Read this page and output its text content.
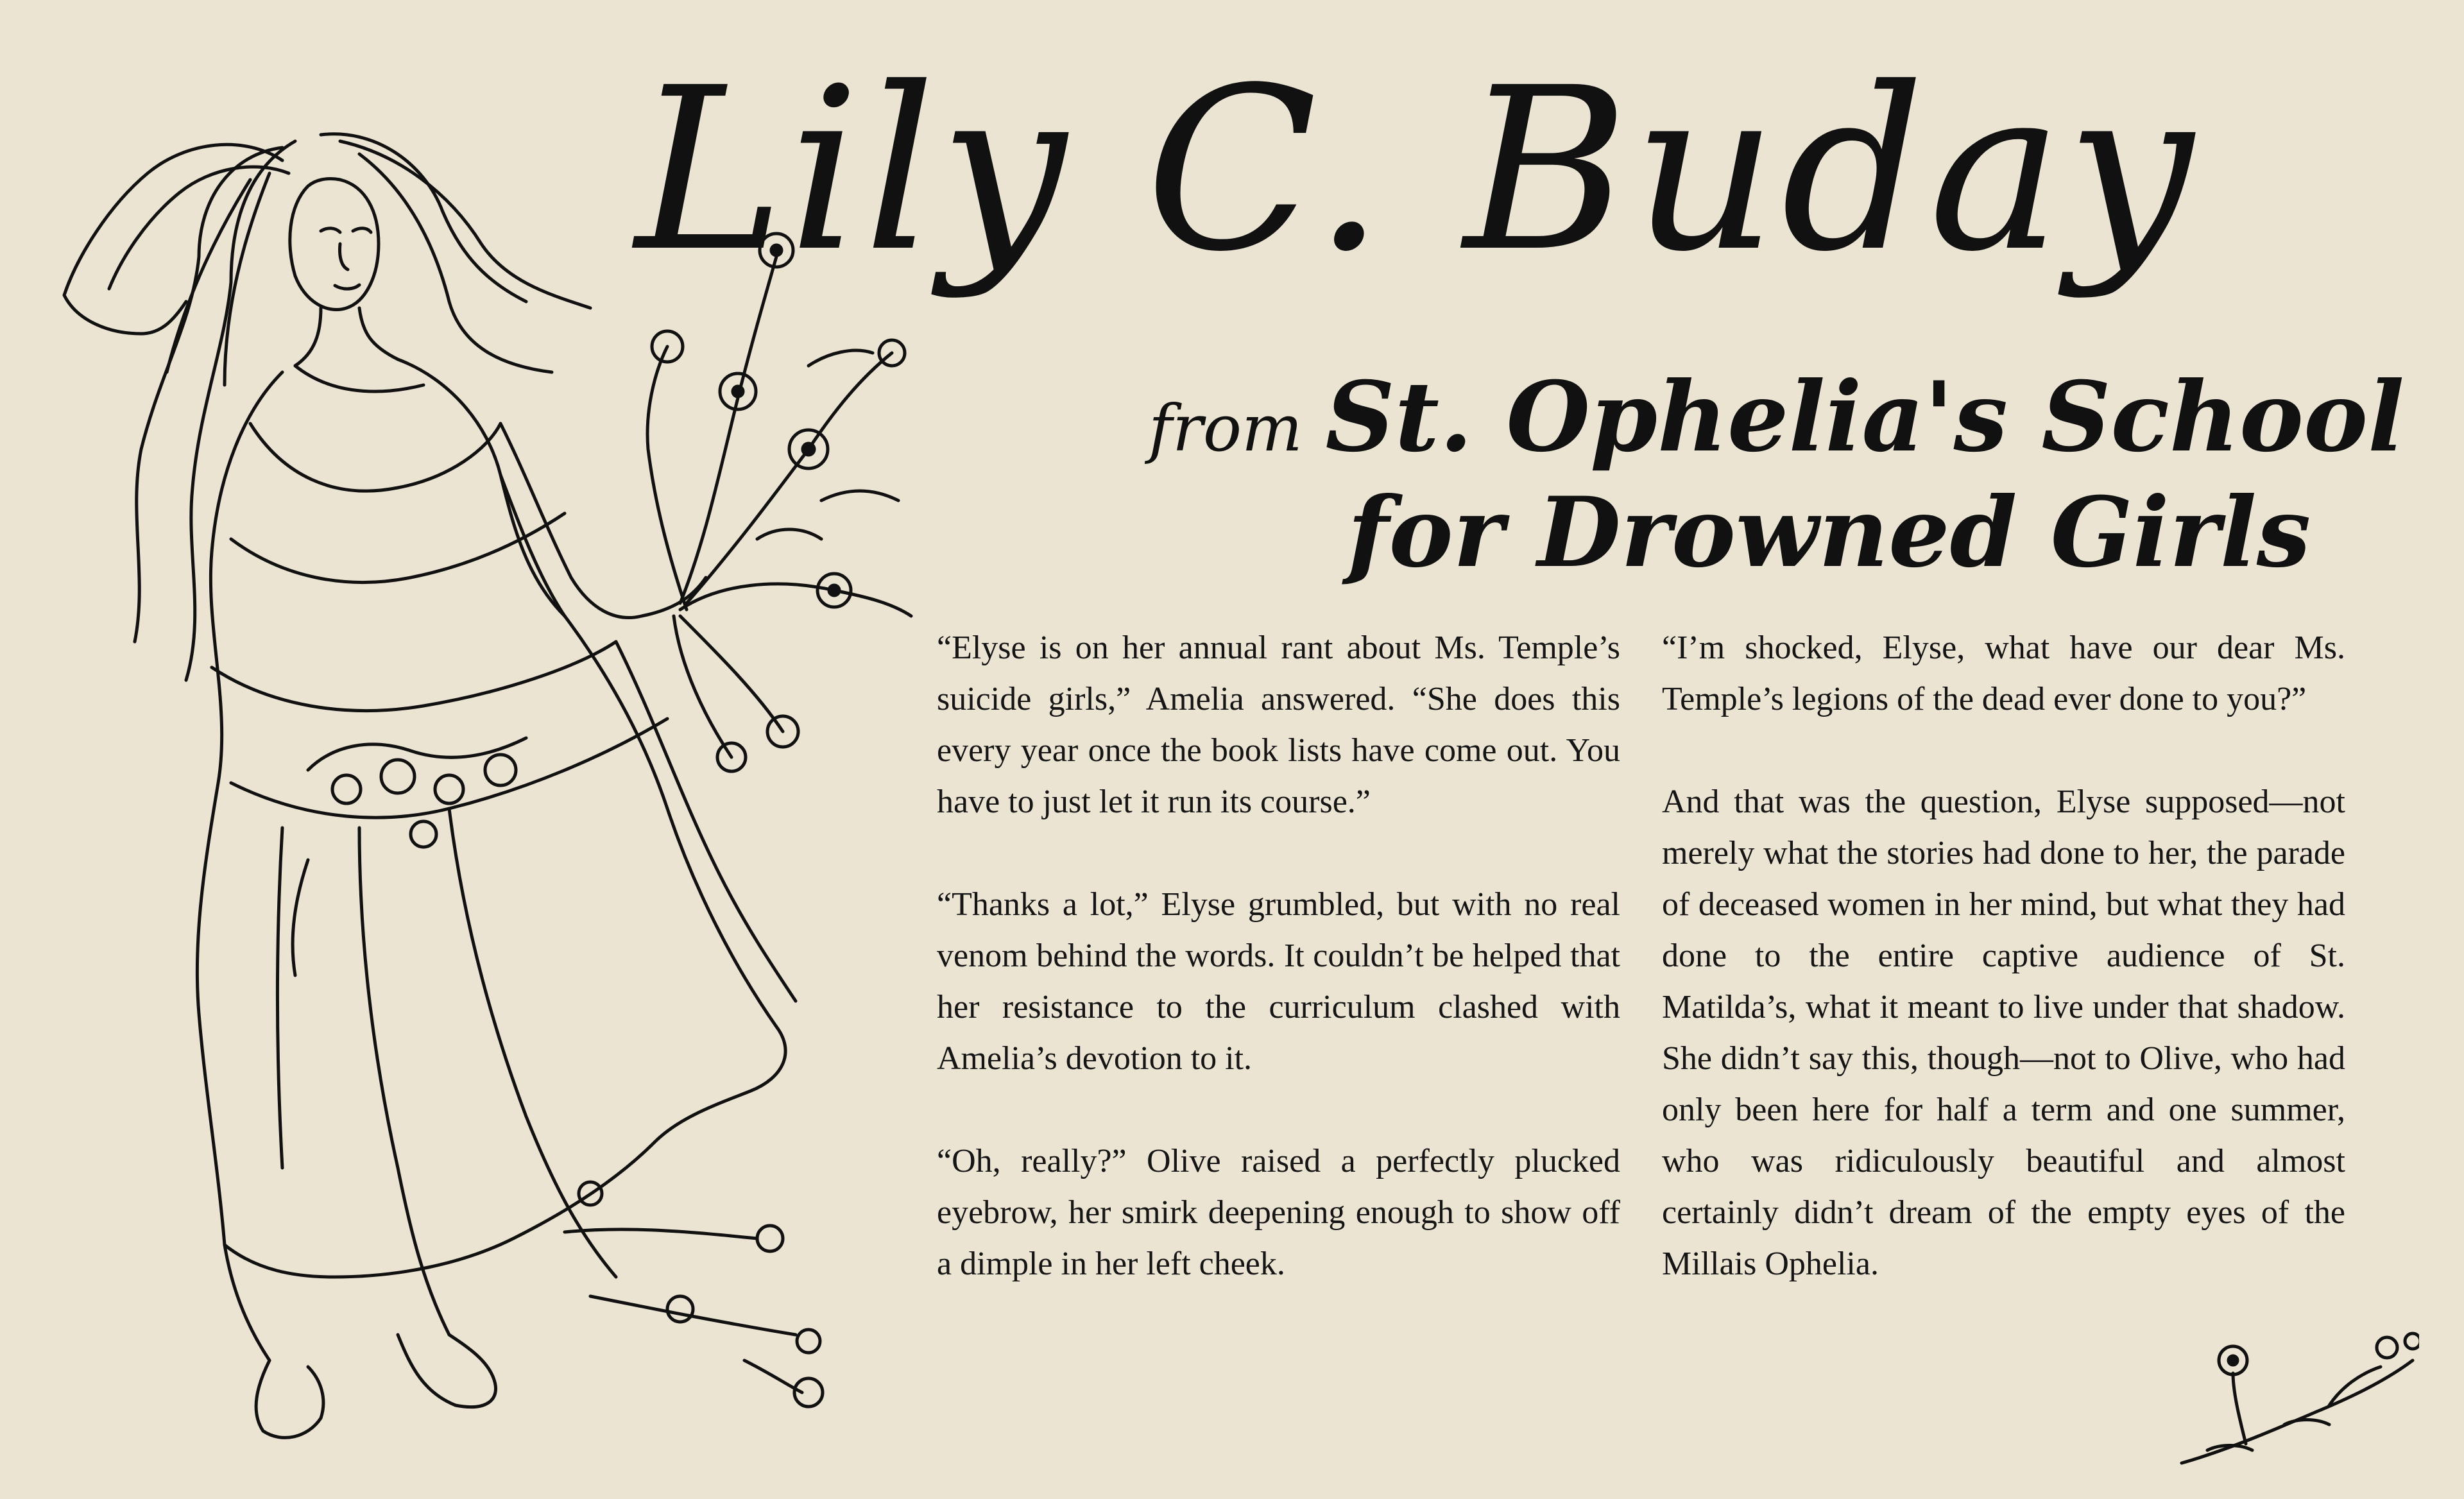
Lily C. Buday
from St. Ophelia's School
for Drowned Girls

“Elyse is on her annual rant about Ms. Temple’s suicide girls,” Amelia answered. “She does this every year once the book lists have come out. You have to just let it run its course.”

“Thanks a lot,” Elyse grumbled, but with no real venom behind the words. It couldn’t be helped that her resistance to the curriculum clashed with Amelia’s devotion to it.

“Oh, really?” Olive raised a perfectly plucked eyebrow, her smirk deepening enough to show off a dimple in her left cheek.

“I’m shocked, Elyse, what have our dear Ms. Temple’s legions of the dead ever done to you?”

And that was the question, Elyse supposed—not merely what the stories had done to her, the parade of deceased women in her mind, but what they had done to the entire captive audience of St. Matilda’s, what it meant to live under that shadow. She didn’t say this, though—not to Olive, who had only been here for half a term and one summer, who was ridiculously beautiful and almost certainly didn’t dream of the empty eyes of the Millais Ophelia.
